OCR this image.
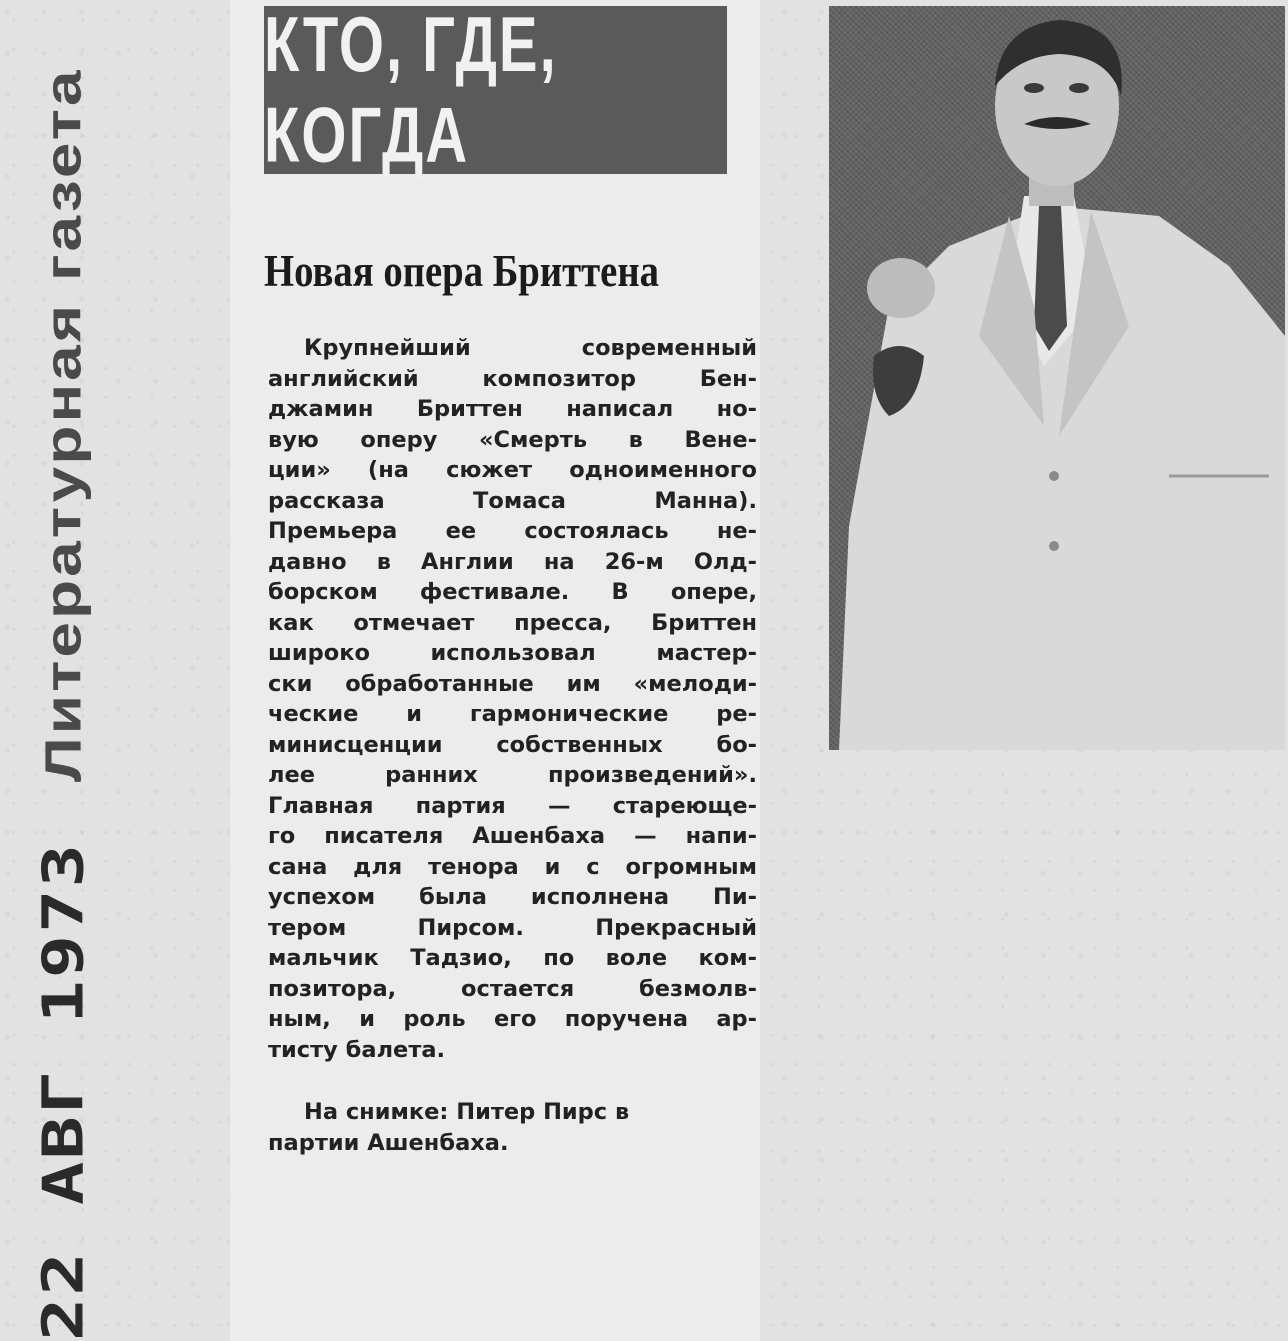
22 АВГ 1973
Литературная газета
КТО, ГДЕ, КОГДА
Новая опера Бриттена
Крупнейший современный
английский композитор Бен-
джамин Бриттен написал но-
вую оперу «Смерть в Вене-
ции» (на сюжет одноименного
рассказа Томаса Манна).
Премьера ее состоялась не-
давно в Англии на 26-м Олд-
борском фестивале. В опере,
как отмечает пресса, Бриттен
широко использовал мастер-
ски обработанные им «мелоди-
ческие и гармонические ре-
минисценции собственных бо-
лее ранних произведений».
Главная партия — стареюще-
го писателя Ашенбаха — напи-
сана для тенора и с огромным
успехом была исполнена Пи-
тером Пирсом. Прекрасный
мальчик Тадзио, по воле ком-
позитора, остается безмолв-
ным, и роль его поручена ар-
тисту балета.
На снимке: Питер Пирс в
партии Ашенбаха.
